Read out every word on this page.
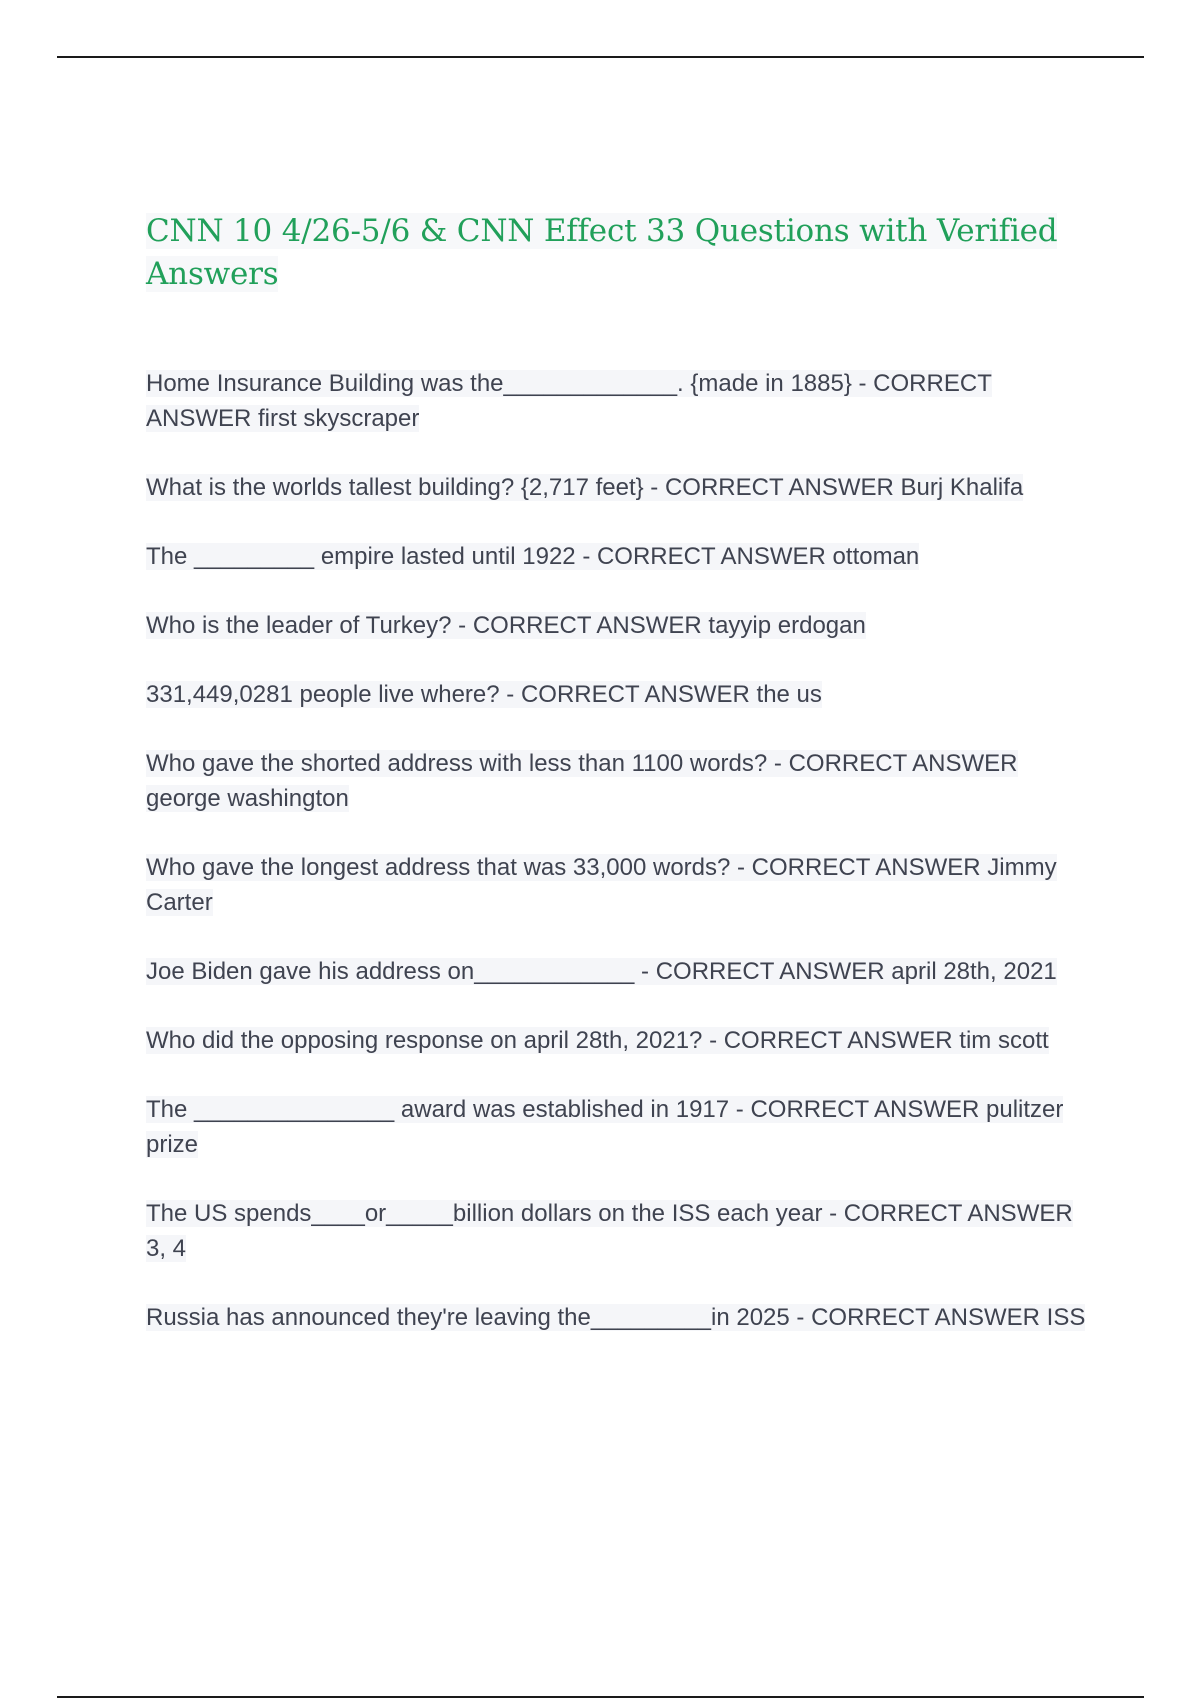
CNN 10 4/26-5/6 & CNN Effect 33 Questions with Verified Answers

Home Insurance Building was the_____________. {made in 1885} - CORRECT ANSWER first skyscraper

What is the worlds tallest building? {2,717 feet} - CORRECT ANSWER Burj Khalifa

The _________ empire lasted until 1922 - CORRECT ANSWER ottoman

Who is the leader of Turkey? - CORRECT ANSWER tayyip erdogan

331,449,0281 people live where? - CORRECT ANSWER the us

Who gave the shorted address with less than 1100 words? - CORRECT ANSWER george washington

Who gave the longest address that was 33,000 words? - CORRECT ANSWER Jimmy Carter

Joe Biden gave his address on____________ - CORRECT ANSWER april 28th, 2021

Who did the opposing response on april 28th, 2021? - CORRECT ANSWER tim scott

The _______________ award was established in 1917 - CORRECT ANSWER pulitzer prize

The US spends____or_____billion dollars on the ISS each year - CORRECT ANSWER 3, 4

Russia has announced they're leaving the_________in 2025 - CORRECT ANSWER ISS
